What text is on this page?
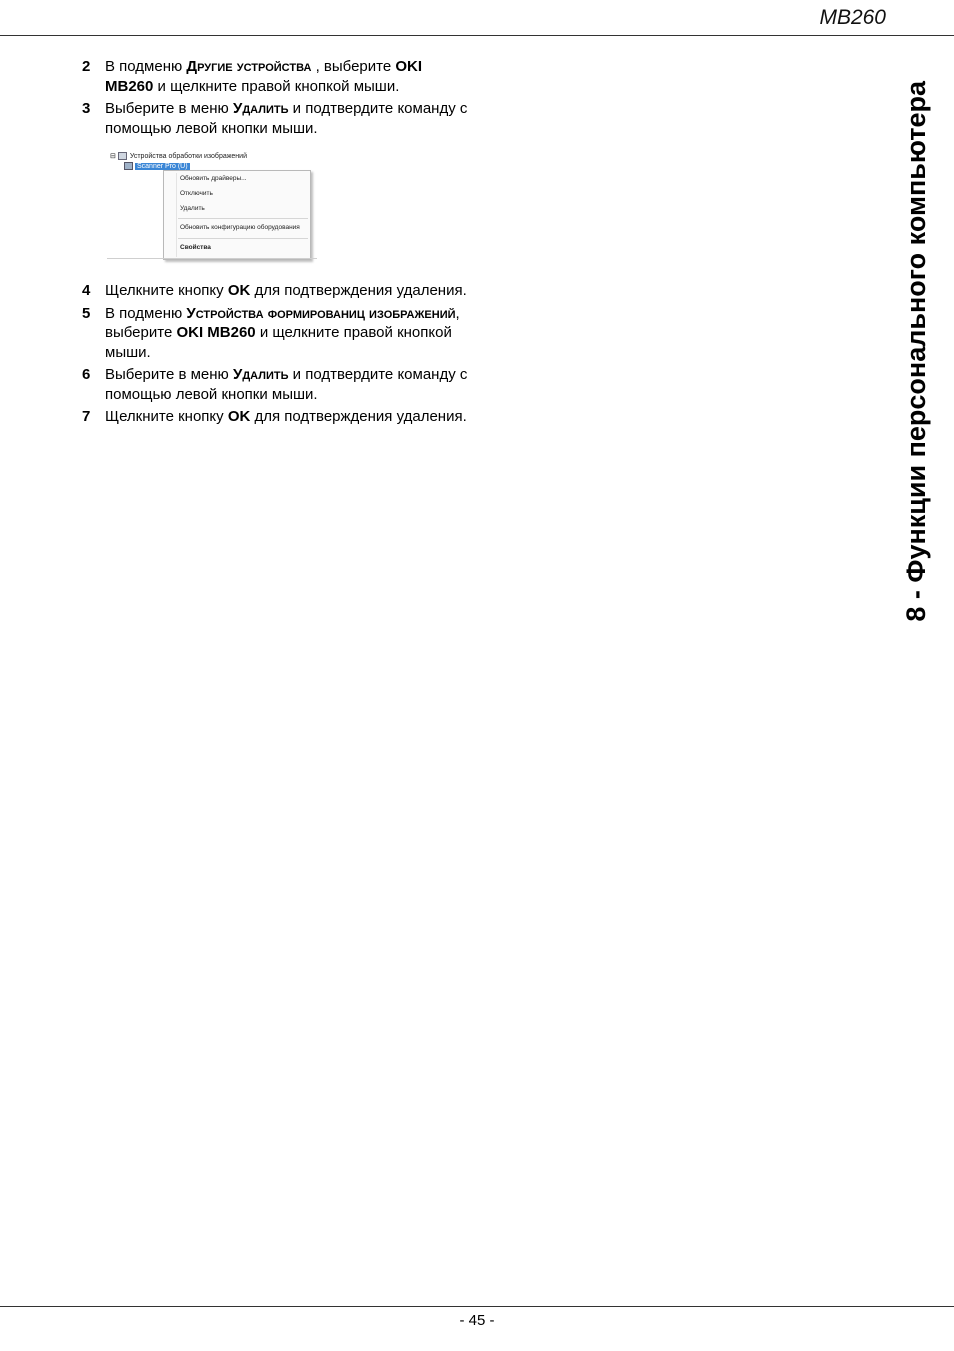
MB260
8 - Функции персонального компьютера
2 В подменю Другие устройства , выберите OKI MB260 и щелкните правой кнопкой мыши.
3 Выберите в меню Удалить и подтвердите команду с помощью левой кнопки мыши.
⊟ Устройства обработки изображений
Scanner Pro (U)
Обновить драйверы...
Отключить
Удалить
Обновить конфигурацию оборудования
Свойства
4 Щелкните кнопку OK для подтверждения удаления.
5 В подменю Устройства формированиц изображений, выберите OKI MB260 и щелкните правой кнопкой мыши.
6 Выберите в меню Удалить и подтвердите команду с помощью левой кнопки мыши.
7 Щелкните кнопку OK для подтверждения удаления.
- 45 -
